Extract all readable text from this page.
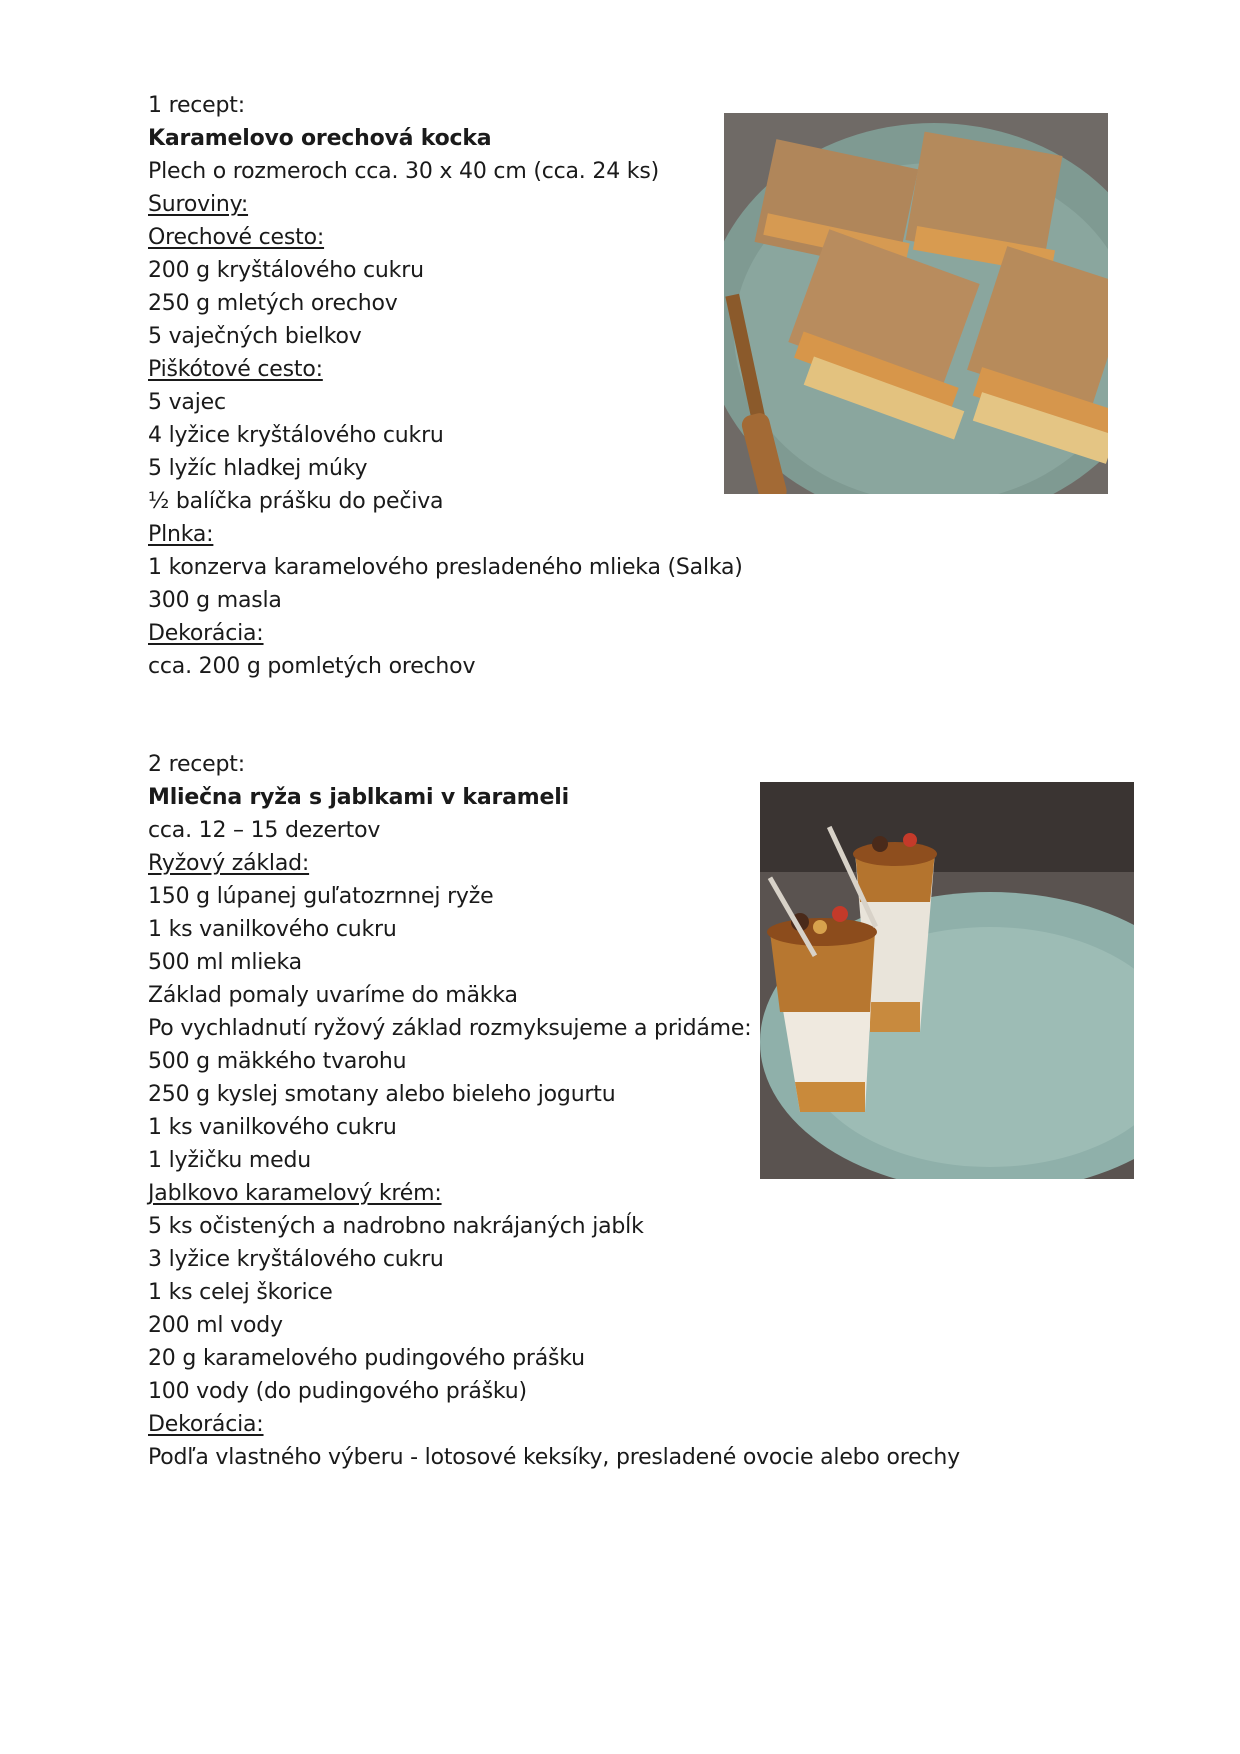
1 recept:
Karamelovo orechová kocka
Plech o rozmeroch cca. 30 x 40 cm (cca. 24 ks)
Suroviny:
Orechové cesto:
200 g kryštálového cukru
250 g mletých orechov
5 vaječných bielkov
Piškótové cesto:
5 vajec
4 lyžice kryštálového cukru
5 lyžíc hladkej múky
½ balíčka prášku do pečiva
Plnka:
1 konzerva karamelového presladeného mlieka (Salka)
300 g masla
Dekorácia:
cca. 200 g pomletých orechov
2 recept:
Mliečna ryža s jablkami v karameli
cca. 12 – 15 dezertov
Ryžový základ:
150 g lúpanej guľatozrnnej ryže
1 ks vanilkového cukru
500 ml mlieka
Základ pomaly uvaríme do mäkka
Po vychladnutí ryžový základ rozmyksujeme a pridáme:
500 g mäkkého tvarohu
250 g kyslej smotany alebo bieleho jogurtu
1 ks vanilkového cukru
1 lyžičku medu
Jablkovo karamelový krém:
5 ks očistených a nadrobno nakrájaných jabĺk
3 lyžice kryštálového cukru
1 ks celej škorice
200 ml vody
20 g karamelového pudingového prášku
100 vody (do pudingového prášku)
Dekorácia:
Podľa vlastného výberu - lotosové keksíky, presladené ovocie alebo orechy
